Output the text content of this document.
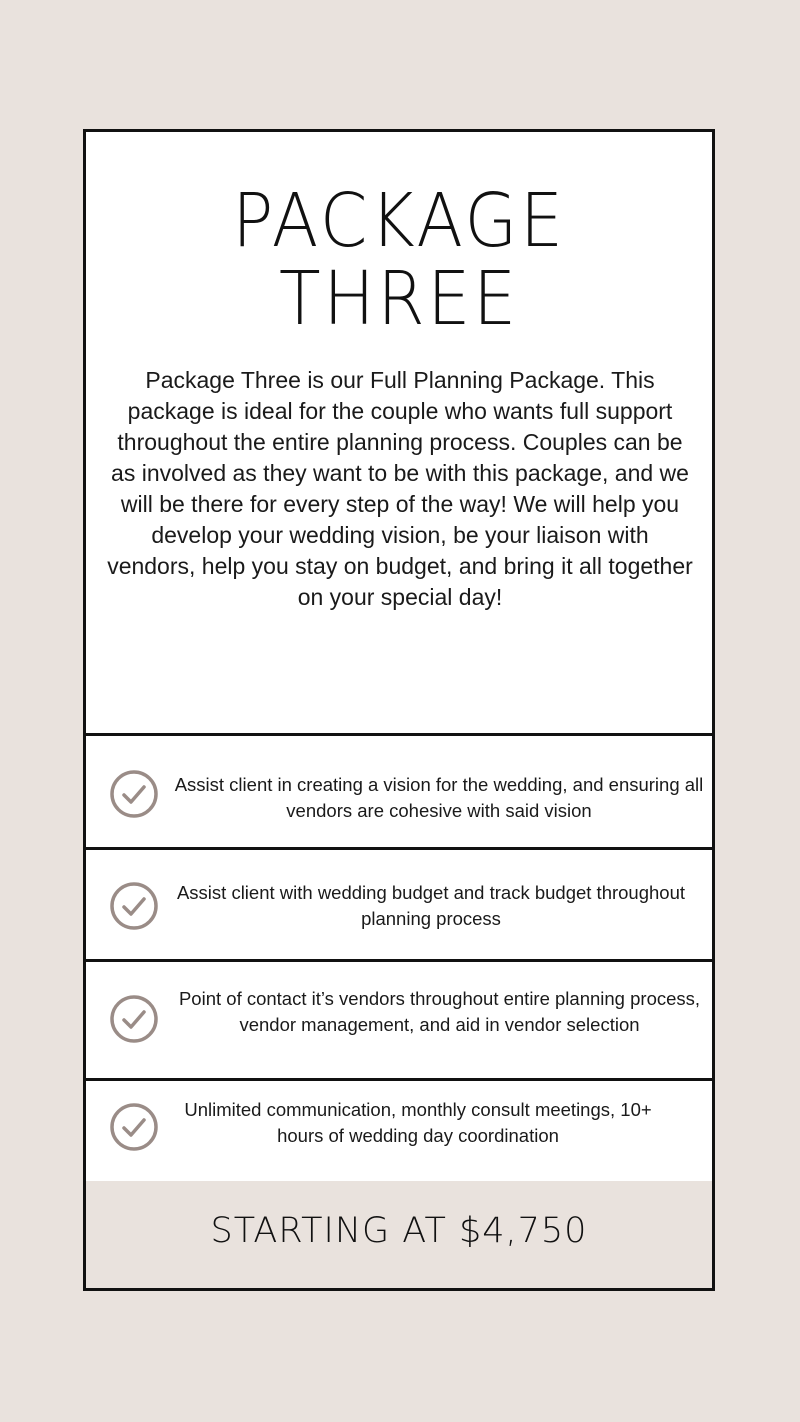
PACKAGE
THREE
Package Three is our Full Planning Package. This package is ideal for the couple who wants full support throughout the entire planning process. Couples can be as involved as they want to be with this package, and we will be there for every step of the way! We will help you develop your wedding vision, be your liaison with vendors, help you stay on budget, and bring it all together on your special day!
Assist client in creating a vision for the wedding, and ensuring all vendors are cohesive with said vision
Assist client with wedding budget and track budget throughout planning process
Point of contact it’s vendors throughout entire planning process, vendor management, and aid in vendor selection
Unlimited communication, monthly consult meetings, 10+ hours of wedding day coordination
STARTING AT $4,750
